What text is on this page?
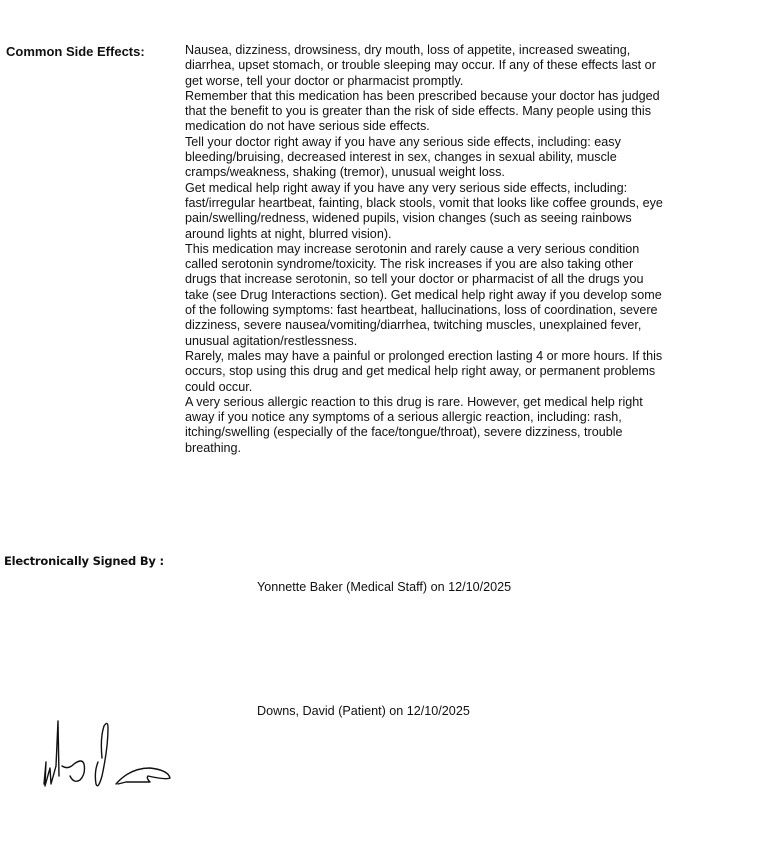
Common Side Effects:	Nausea, dizziness, drowsiness, dry mouth, loss of appetite, increased sweating, diarrhea, upset stomach, or trouble sleeping may occur. If any of these effects last or get worse, tell your doctor or pharmacist promptly.

Remember that this medication has been prescribed because your doctor has judged that the benefit to you is greater than the risk of side effects. Many people using this medication do not have serious side effects.

Tell your doctor right away if you have any serious side effects, including: easy bleeding/bruising, decreased interest in sex, changes in sexual ability, muscle cramps/weakness, shaking (tremor), unusual weight loss.

Get medical help right away if you have any very serious side effects, including: fast/irregular heartbeat, fainting, black stools, vomit that looks like coffee grounds, eye pain/swelling/redness, widened pupils, vision changes (such as seeing rainbows around lights at night, blurred vision).

This medication may increase serotonin and rarely cause a very serious condition called serotonin syndrome/toxicity. The risk increases if you are also taking other drugs that increase serotonin, so tell your doctor or pharmacist of all the drugs you take (see Drug Interactions section). Get medical help right away if you develop some of the following symptoms: fast heartbeat, hallucinations, loss of coordination, severe dizziness, severe nausea/vomiting/diarrhea, twitching muscles, unexplained fever, unusual agitation/restlessness.

Rarely, males may have a painful or prolonged erection lasting 4 or more hours. If this occurs, stop using this drug and get medical help right away, or permanent problems could occur.

A very serious allergic reaction to this drug is rare. However, get medical help right away if you notice any symptoms of a serious allergic reaction, including: rash, itching/swelling (especially of the face/tongue/throat), severe dizziness, trouble breathing.

Electronically Signed By :
Yonnette Baker (Medical Staff) on 12/10/2025
Downs, David (Patient) on 12/10/2025
